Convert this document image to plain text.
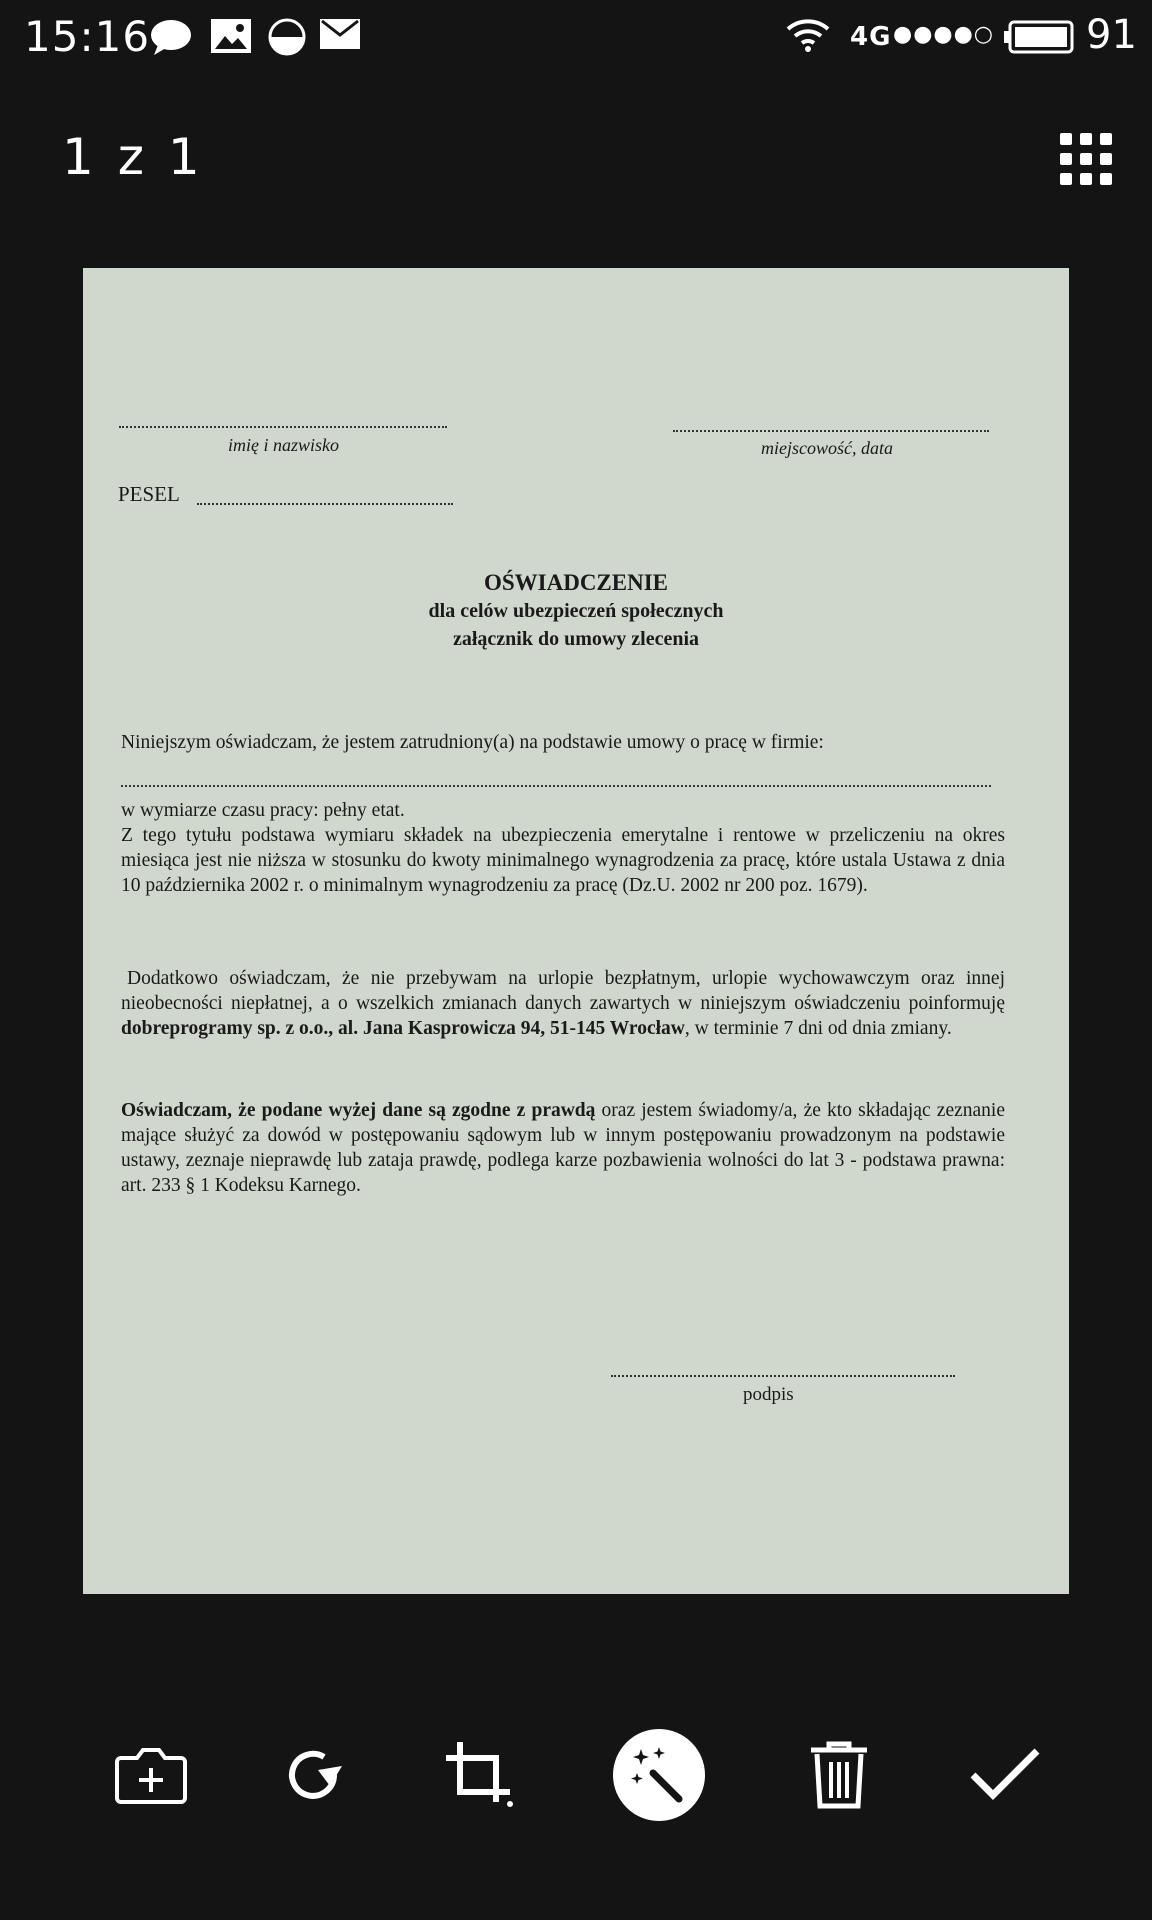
15:16	4G ●●●●○ 91
1 z 1
imię i nazwisko	miejscowość, data
PESEL
OŚWIADCZENIE
dla celów ubezpieczeń społecznych
załącznik do umowy zlecenia
Niniejszym oświadczam, że jestem zatrudniony(a) na podstawie umowy o pracę w firmie:
w wymiarze czasu pracy: pełny etat.
Z tego tytułu podstawa wymiaru składek na ubezpieczenia emerytalne i rentowe w przeliczeniu na okres miesiąca jest nie niższa w stosunku do kwoty minimalnego wynagrodzenia za pracę, które ustala Ustawa z dnia 10 października 2002 r. o minimalnym wynagrodzeniu za pracę (Dz.U. 2002 nr 200 poz. 1679).
Dodatkowo oświadczam, że nie przebywam na urlopie bezpłatnym, urlopie wychowawczym oraz innej nieobecności niepłatnej, a o wszelkich zmianach danych zawartych w niniejszym oświadczeniu poinformuję dobreprogramy sp. z o.o., al. Jana Kasprowicza 94, 51-145 Wrocław, w terminie 7 dni od dnia zmiany.
Oświadczam, że podane wyżej dane są zgodne z prawdą oraz jestem świadomy/a, że kto składając zeznanie mające służyć za dowód w postępowaniu sądowym lub w innym postępowaniu prowadzonym na podstawie ustawy, zeznaje nieprawdę lub zataja prawdę, podlega karze pozbawienia wolności do lat 3 - podstawa prawna: art. 233 § 1 Kodeksu Karnego.
podpis
